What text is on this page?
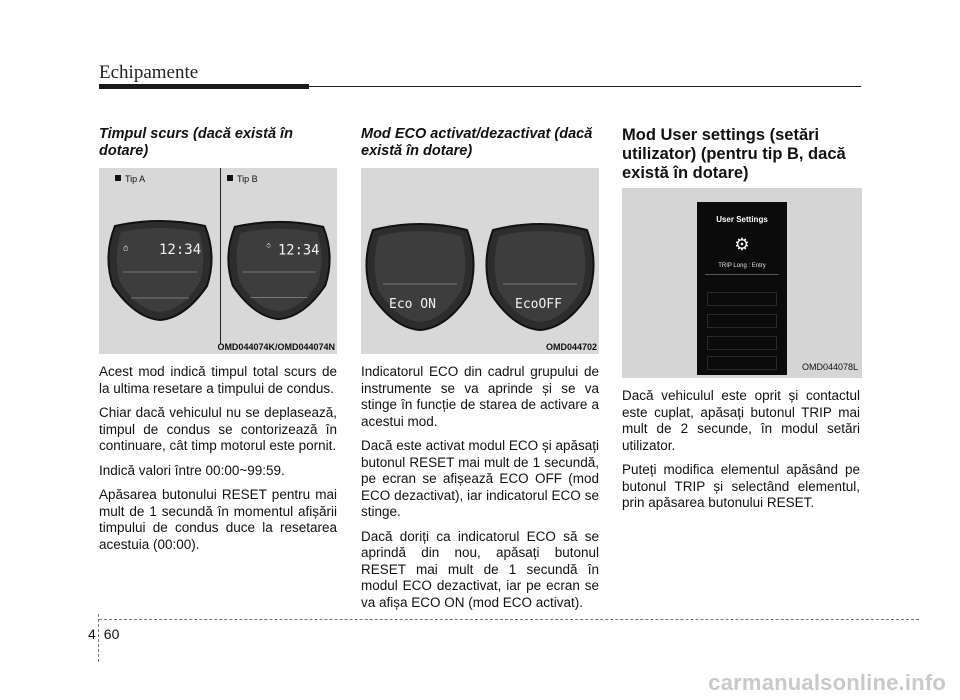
Echipamente
Timpul scurs (dacă există în dotare)
Tip A	Tip B
⏱ 12:34	⏱ 12:34
OMD044074K/OMD044074N

Acest mod indică timpul total scurs de la ultima resetare a timpului de condus.

Chiar dacă vehiculul nu se deplasează, timpul de condus se contorizează în continuare, cât timp motorul este pornit.

Indică valori între 00:00~99:59.

Apăsarea butonului RESET pentru mai mult de 1 secundă în momentul afișării timpului de condus duce la resetarea acestuia (00:00).

Mod ECO activat/dezactivat (dacă există în dotare)
Eco ON	EcoOFF
OMD044702

Indicatorul ECO din cadrul grupului de instrumente se va aprinde și se va stinge în funcție de starea de activare a acestui mod.

Dacă este activat modul ECO și apăsați butonul RESET mai mult de 1 secundă, pe ecran se afișează ECO OFF (mod ECO dezactivat), iar indicatorul ECO se stinge.

Dacă doriți ca indicatorul ECO să se aprindă din nou, apăsați butonul RESET mai mult de 1 secundă în modul ECO dezactivat, iar pe ecran se va afișa ECO ON (mod ECO activat).

Mod User settings (setări utilizator) (pentru tip B, dacă există în dotare)
User Settings
⚙
TRIP Long : Entry
OMD044078L

Dacă vehiculul este oprit și contactul este cuplat, apăsați butonul TRIP mai mult de 2 secunde, în modul setări utilizator.

Puteți modifica elementul apăsând pe butonul TRIP și selectând elementul, prin apăsarea butonului RESET.

4 60
carmanualsonline.info
